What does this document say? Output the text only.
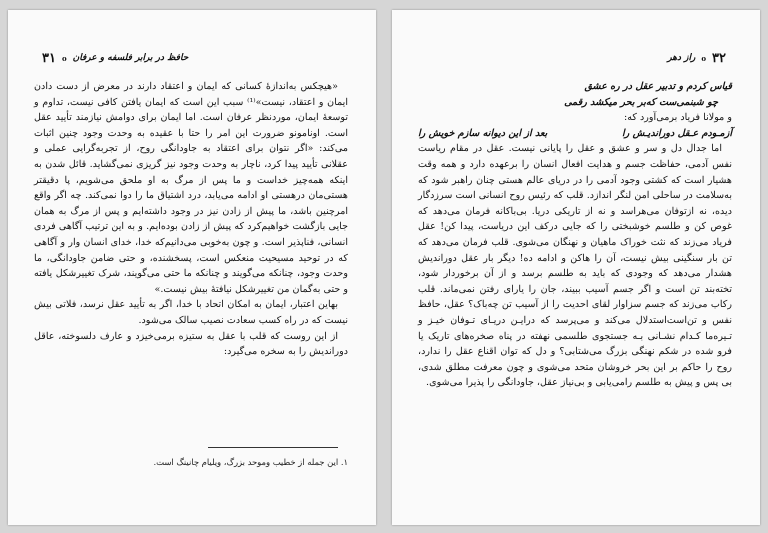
۳۱ o حافظ در برابر فلسفه و عرفان

«هیچکس به‌اندازهٔ کسانی که ایمان و اعتقاد دارند در معرض از دست دادن ایمان و اعتقاد، نیست»⁽¹⁾ سبب این است که ایمان یافتن کافی نیست، تداوم و توسعهٔ ایمان، موردنظر عرفان است. اما ایمان برای دوامش نیازمند تأیید عقل است. اونامونو ضرورت این امر را حتا با عقیده به وحدت وجود چنین اثبات می‌کند: «اگر نتوان برای اعتقاد به جاودانگی روح، از تجربه‌گرایی عملی و عقلانی تأیید پیدا کرد، ناچار به وحدت وجود نیز گریزی نمی‌گشاید. قائل شدن به اینکه همه‌چیز خداست و ما پس از مرگ به او ملحق می‌شویم، پا دقیقتر هستی‌مان درهستی او ادامه می‌یابد، درد اشتیاق ما را دوا نمی‌کند. چه اگر واقع امرچنین باشد، ما پیش از زادن نیز در وجود داشته‌ایم و پس از مرگ به همان جایی بازگشت خواهیم‌کرد که پیش از زادن بوده‌ایم. و به این ترتیب آگاهی فردی انسانی، فناپذیر است. و چون به‌خوبی می‌دانیم‌که خدا، خدای انسان وار و آگاهی که در توحید مسیحیت منعکس است، پسخشنده، و حتی ضامن جاودانگی، ما وحدت وجود، چنانکه می‌گویند و چنانکه ما حتی می‌گویند، شرک تغییرشکل یافته و حتی به‌گمان من تغییرشکل نیافتهٔ بیش نیست.»

بهاین اعتبار، ایمان به امکان اتحاد با خدا، اگر به تأیید عقل نرسد، فلاتی بیش نیست که در راه کسب سعادت نصیب سالک می‌شود.

از این روست که قلب با عقل به ستیزه برمی‌خیزد و عارف دلسوخته، عاقل دوراندیش را به سخره می‌گیرد:

۱. این جمله از خطیب وموحد بزرگ، ویلیام چانینگ است.
راز دهر o ۳۲
قیاس کردم و تدبیر عقل در ره عشق
چو شبنمی‌ست که‌بر بحر میکشد رقمی
و مولانا فریاد برمی‌آورد که:
آزمـودم عـقل دوراندیـش را
بعد از این دیوانه سازم خویش را

اما جدال دل و سر و عشق و عقل را پایانی نیست. عقل در مقام ریاست نفس آدمی، حفاظت جسم و هدایت افعال انسان را برعهده دارد و همه وقت هشیار است که کشتی وجود آدمی را در دریای عالم هستی چنان راهبر شود که به‌سلامت در ساحلی امن لنگر اندازد. قلب که رئیس روح انسانی است سرزدگار دیده، نه ازتوفان می‌هراسد و نه از تاریکی دریا. بی‌باکانه فرمان می‌دهد که غوص کن و طلسم خوشبختی را که جایی درکف این دریاست، پیدا کن! عقل فریاد می‌زند که نثت خوراک ماهیان و نهنگان می‌شوی. قلب فرمان می‌دهد که تن بار سنگینی بیش نیست، آن را هاکن و ادامه ده! دیگر بار عقل دوراندیش هشدار می‌دهد که وجودی که باید به طلسم برسد و از آن برخوردار شود، تخته‌بند تن است و اگر جسم آسیب ببیند، جان را یارای رفتن نمی‌ماند. قلب رکاب می‌زند که جسم سزاوار لقای احدیت را از آسیب تن چه‌باک؟ عقل، حافظ نفس و تن‌است‌استدلال می‌کند و می‌پرسد که درایـن دریـای تـوفان خیـز و تـیره‌ما کـدام نشـانی بـه جستجوی طلسمی نهفته در پناه صخره‌های تاریک یا فرو شده در شکم نهنگی بزرگ می‌شتابی؟ و دل که توان اقناع عقل را ندارد، روح را حاکم بر این بحر خروشان متحد می‌شوی و چون معرفت مطلق شدی، بی پس و پیش به طلسم رامی‌یابی و بی‌نیاز عقل، جاودانگی را پذیرا می‌شوی.
